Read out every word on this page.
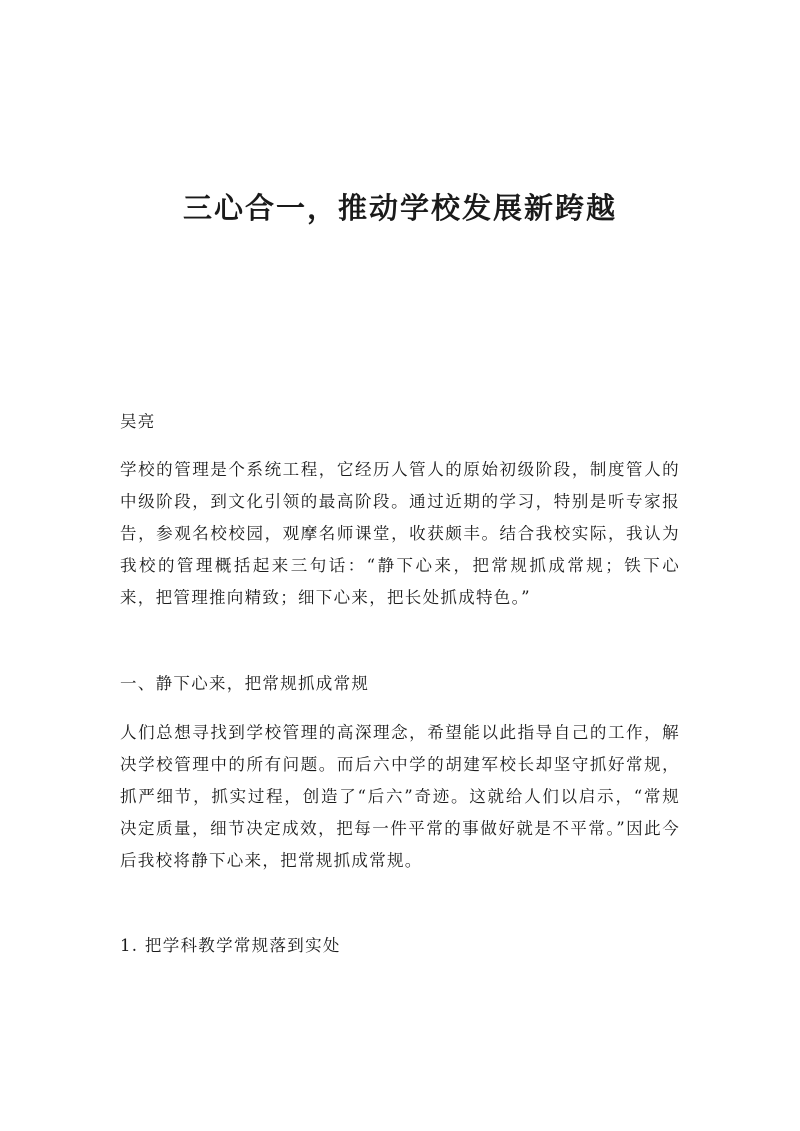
三心合一，推动学校发展新跨越

吴亮

学校的管理是个系统工程，它经历人管人的原始初级阶段，制度管人的中级阶段，到文化引领的最高阶段。通过近期的学习，特别是听专家报告，参观名校校园，观摩名师课堂，收获颇丰。结合我校实际，我认为我校的管理概括起来三句话：“静下心来，把常规抓成常规；铁下心来，把管理推向精致；细下心来，把长处抓成特色。”

一、静下心来，把常规抓成常规

人们总想寻找到学校管理的高深理念，希望能以此指导自己的工作，解决学校管理中的所有问题。而后六中学的胡建军校长却坚守抓好常规，抓严细节，抓实过程，创造了“后六”奇迹。这就给人们以启示，“常规决定质量，细节决定成效，把每一件平常的事做好就是不平常。”因此今后我校将静下心来，把常规抓成常规。

1. 把学科教学常规落到实处
